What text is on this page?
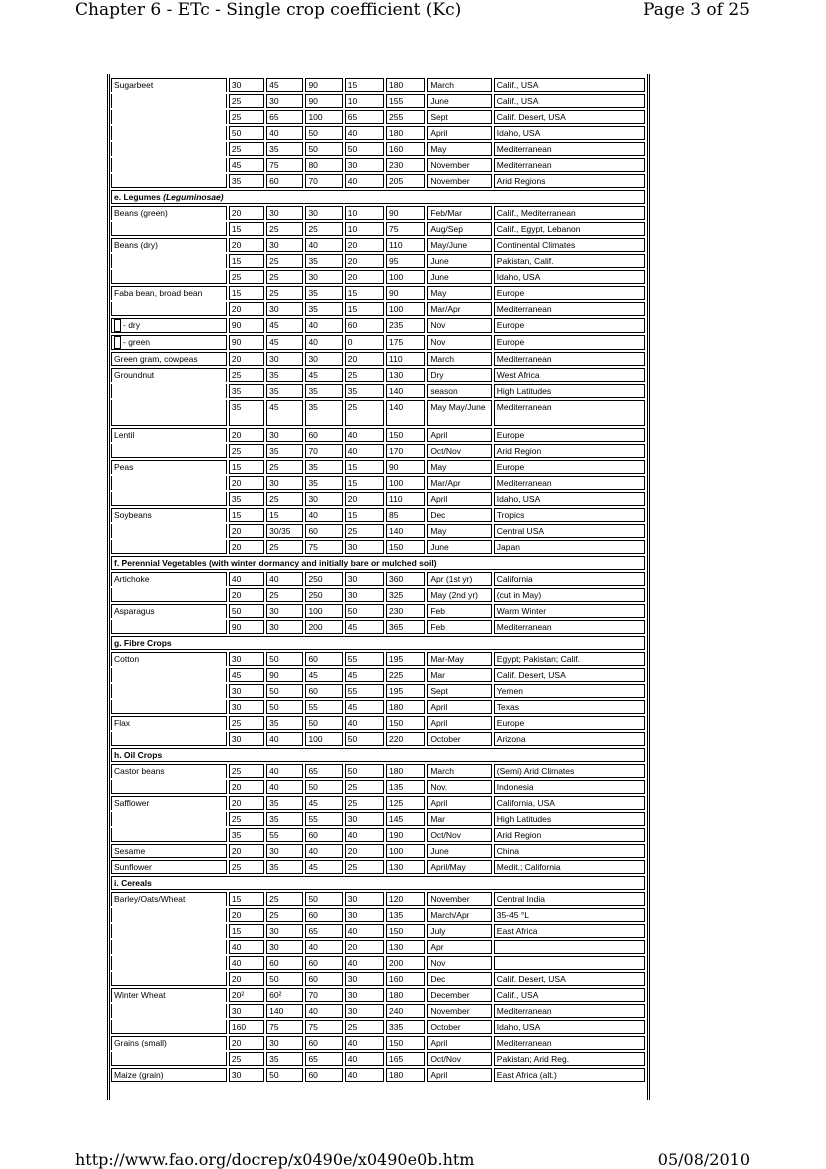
Chapter 6 - ETc - Single crop coefficient (Kc)	Page 3 of 25
Sugarbeet	30	45	90	15	180	March	Calif., USA
	25	30	90	10	155	June	Calif., USA
	25	65	100	65	255	Sept	Calif. Desert, USA
	50	40	50	40	180	April	Idaho, USA
	25	35	50	50	160	May	Mediterranean
	45	75	80	30	230	November	Mediterranean
	35	60	70	40	205	November	Arid Regions
e. Legumes (Leguminosae)							
Beans (green)	20	30	30	10	90	Feb/Mar	Calif., Mediterranean
	15	25	25	10	75	Aug/Sep	Calif., Egypt, Lebanon
Beans (dry)	20	30	40	20	110	May/June	Continental Climates
	15	25	35	20	95	June	Pakistan, Calif.
	25	25	30	20	100	June	Idaho, USA
Faba bean, broad bean	15	25	35	15	90	May	Europe
	20	30	35	15	100	Mar/Apr	Mediterranean
- dry	90	45	40	60	235	Nov	Europe
- green	90	45	40	0	175	Nov	Europe
Green gram, cowpeas	20	30	30	20	110	March	Mediterranean
Groundnut	25	35	45	25	130	Dry	West Africa
	35	35	35	35	140	season	High Latitudes
	35	45	35	25	140	May May/June	Mediterranean
Lentil	20	30	60	40	150	April	Europe
	25	35	70	40	170	Oct/Nov	Arid Region
Peas	15	25	35	15	90	May	Europe
	20	30	35	15	100	Mar/Apr	Mediterranean
	35	25	30	20	110	April	Idaho, USA
Soybeans	15	15	40	15	85	Dec	Tropics
	20	30/35	60	25	140	May	Central USA
	20	25	75	30	150	June	Japan
f. Perennial Vegetables (with winter dormancy and initially bare or mulched soil)							
Artichoke	40	40	250	30	360	Apr (1st yr)	California
	20	25	250	30	325	May (2nd yr)	(cut in May)
Asparagus	50	30	100	50	230	Feb	Warm Winter
	90	30	200	45	365	Feb	Mediterranean
g. Fibre Crops							
Cotton	30	50	60	55	195	Mar-May	Egypt; Pakistan; Calif.
	45	90	45	45	225	Mar	Calif. Desert, USA
	30	50	60	55	195	Sept	Yemen
	30	50	55	45	180	April	Texas
Flax	25	35	50	40	150	April	Europe
	30	40	100	50	220	October	Arizona
h. Oil Crops							
Castor beans	25	40	65	50	180	March	(Semi) Arid Climates
	20	40	50	25	135	Nov.	Indonesia
Safflower	20	35	45	25	125	April	California, USA
	25	35	55	30	145	Mar	High Latitudes
	35	55	60	40	190	Oct/Nov	Arid Region
Sesame	20	30	40	20	100	June	China
Sunflower	25	35	45	25	130	April/May	Medit.; California
i. Cereals							
Barley/Oats/Wheat	15	25	50	30	120	November	Central India
	20	25	60	30	135	March/Apr	35-45 °L
	15	30	65	40	150	July	East Africa
	40	30	40	20	130	Apr	
	40	60	60	40	200	Nov	
	20	50	60	30	160	Dec	Calif. Desert, USA
Winter Wheat	20²	60²	70	30	180	December	Calif., USA
	30	140	40	30	240	November	Mediterranean
	160	75	75	25	335	October	Idaho, USA
Grains (small)	20	30	60	40	150	April	Mediterranean
	25	35	65	40	165	Oct/Nov	Pakistan; Arid Reg.
Maize (grain)	30	50	60	40	180	April	East Africa (alt.)
http://www.fao.org/docrep/x0490e/x0490e0b.htm	05/08/2010
